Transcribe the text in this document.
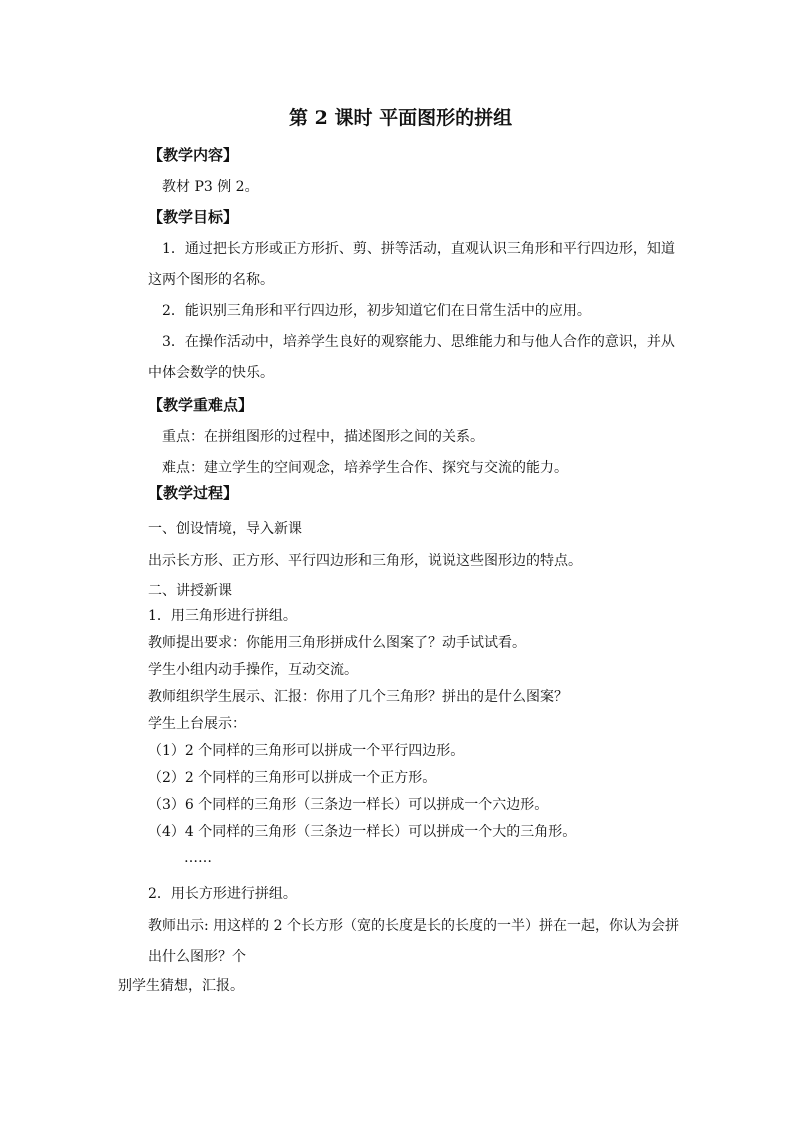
第 2 课时 平面图形的拼组
【教学内容】
教材 P3 例 2。
【教学目标】
1．通过把长方形或正方形折、剪、拼等活动，直观认识三角形和平行四边形，知道
这两个图形的名称。
2．能识别三角形和平行四边形，初步知道它们在日常生活中的应用。
3．在操作活动中，培养学生良好的观察能力、思维能力和与他人合作的意识，并从
中体会数学的快乐。
【教学重难点】
重点：在拼组图形的过程中，描述图形之间的关系。
难点：建立学生的空间观念，培养学生合作、探究与交流的能力。
【教学过程】
一、创设情境，导入新课
出示长方形、正方形、平行四边形和三角形，说说这些图形边的特点。
二、讲授新课
1．用三角形进行拼组。
教师提出要求：你能用三角形拼成什么图案了？动手试试看。
学生小组内动手操作，互动交流。
教师组织学生展示、汇报：你用了几个三角形？拼出的是什么图案？
学生上台展示：
（1）2 个同样的三角形可以拼成一个平行四边形。
（2）2 个同样的三角形可以拼成一个正方形。
（3）6 个同样的三角形（三条边一样长）可以拼成一个六边形。
（4）4 个同样的三角形（三条边一样长）可以拼成一个大的三角形。
……
2．用长方形进行拼组。
教师出示: 用这样的 2 个长方形（宽的长度是长的长度的一半）拼在一起，你认为会拼
出什么图形？个
别学生猜想，汇报。
